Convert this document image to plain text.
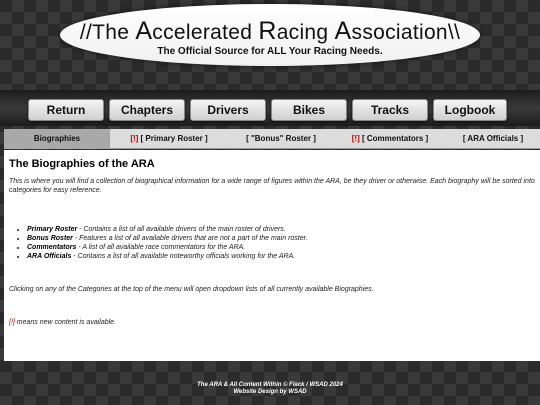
//The Accelerated Racing Association\\
The Official Source for ALL Your Racing Needs.
Return	Chapters	Drivers	Bikes	Tracks	Logbook
Biographies	[!] [ Primary Roster ]	[ "Bonus" Roster ]	[!] [ Commentators ]	[ ARA Officials ]
The Biographies of the ARA
This is where you will find a collection of biographical information for a wide range of figures within the ARA, be they driver or otherwise. Each biography will be sorted into categories for easy reference.
• Primary Roster - Contains a list of all available drivers of the main roster of drivers.
• Bonus Roster - Features a list of all available drivers that are not a part of the main roster.
• Commentators - A list of all available race commentators for the ARA.
• ARA Officials - Contains a list of all available noteworthy officials working for the ARA.
Clicking on any of the Categories at the top of the menu will open dropdown lists of all currently available Biographies.
[!] means new content is available.
The ARA & All Content Within © Flack / WSAD 2024
Website Design by WSAD
